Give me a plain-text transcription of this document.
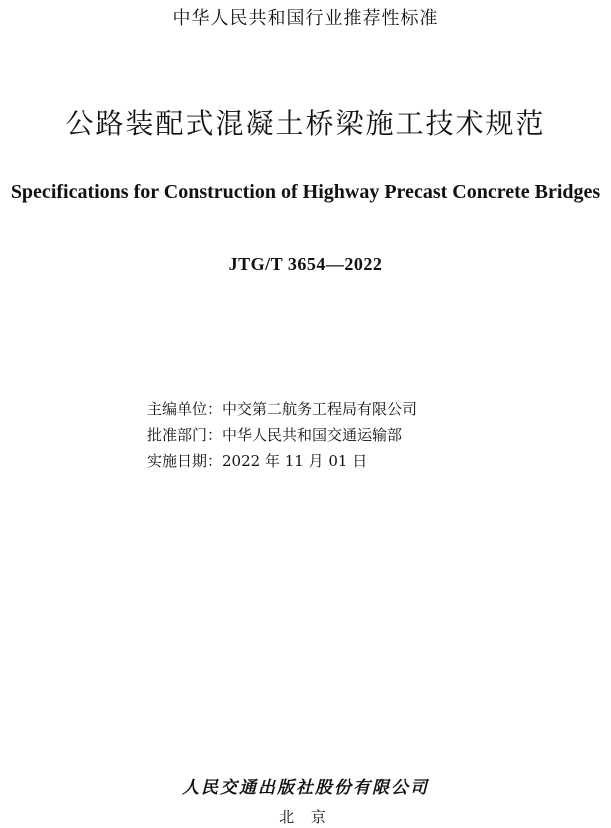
中华人民共和国行业推荐性标准
公路装配式混凝土桥梁施工技术规范
Specifications for Construction of Highway Precast Concrete Bridges
JTG/T 3654—2022
主编单位：中交第二航务工程局有限公司
批准部门：中华人民共和国交通运输部
实施日期：2022 年 11 月 01 日
人民交通出版社股份有限公司
北 京
